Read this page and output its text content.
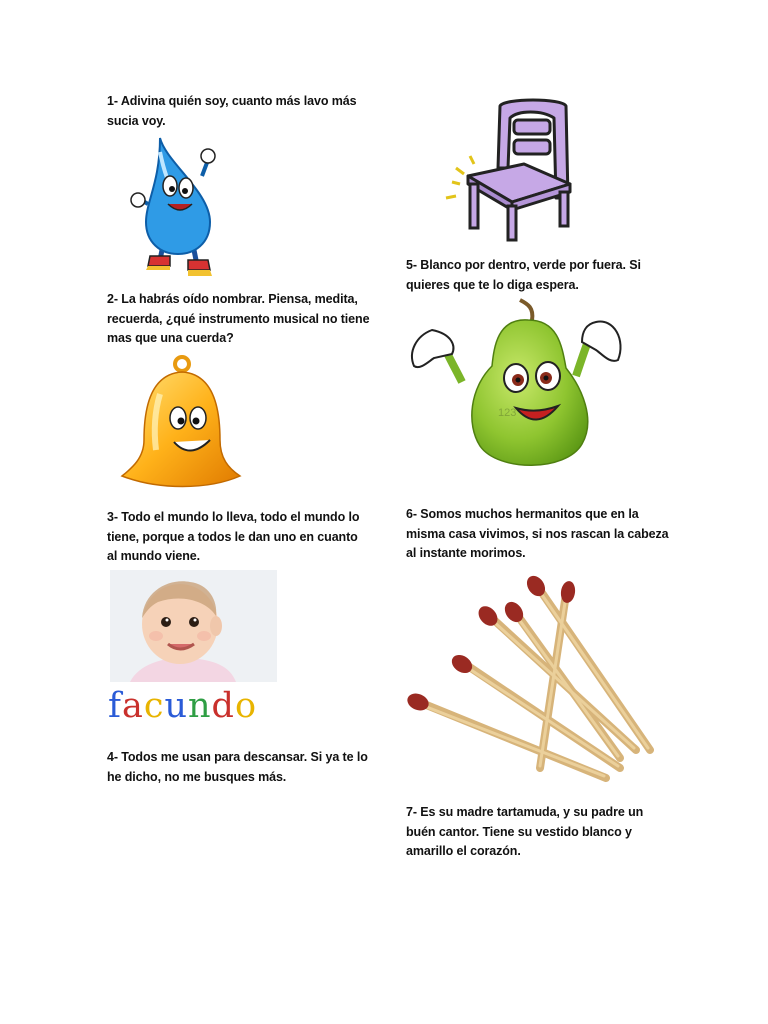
1- Adivina quién soy, cuanto más lavo más
sucia voy.
2- La habrás oído nombrar. Piensa, medita,
recuerda, ¿qué instrumento musical no tiene
mas que una cuerda?
3- Todo el mundo lo lleva, todo el mundo lo
tiene, porque a todos le dan uno en cuanto
al mundo viene.
4- Todos me usan para descansar. Si ya te lo
he dicho, no me busques más.
5- Blanco por dentro, verde por fuera. Si
quieres que te lo diga espera.
6- Somos muchos hermanitos que en la
misma casa vivimos, si nos rascan la cabeza
al instante morimos.
7- Es su madre tartamuda, y su padre un
buén cantor. Tiene su vestido blanco y
amarillo el corazón.
facundo
123
